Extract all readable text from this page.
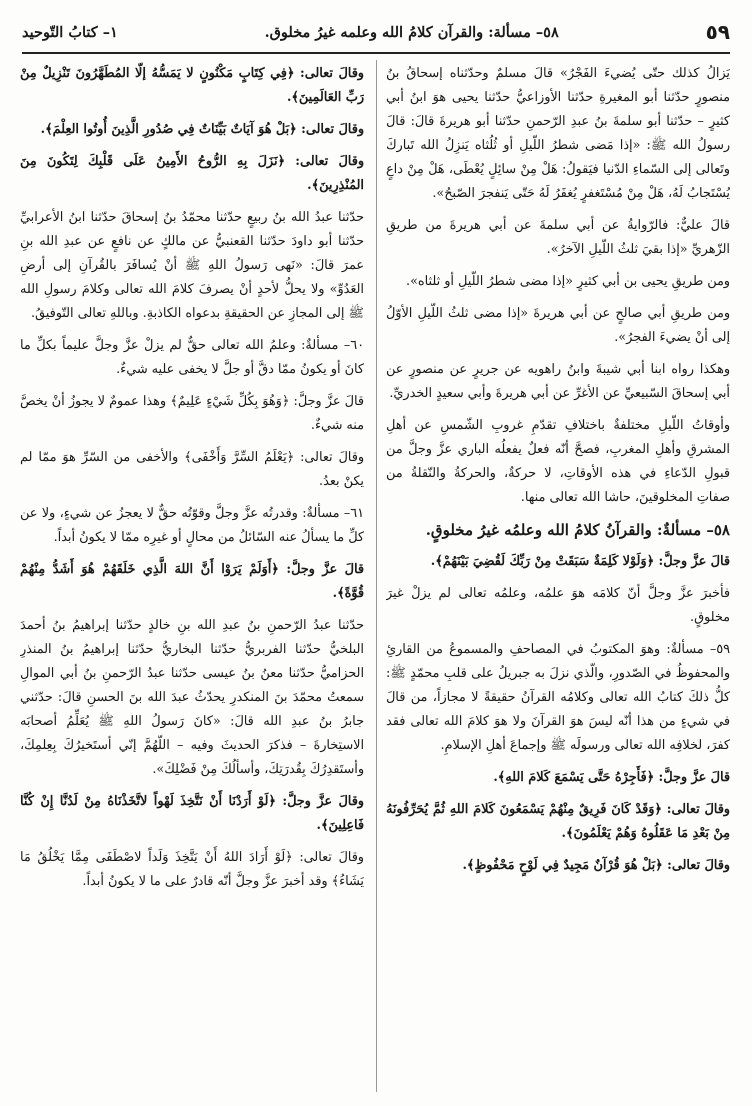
٥٩
٥٨– مسألة: والقرآن كلامُ الله وعلمه غيرُ مخلوق.
١– كتابُ التّوحيد

يَزالُ كذلك حتّى يُضيءَ الفَجْرُ» قالَ مسلمٌ وحدّثناه إسحاقُ بنُ منصورٍ حدّثنا أبو المغيرةِ حدّثنا الأوزاعيُّ حدّثنا يحيى هوَ ابنُ أبي كثيرٍ – حدّثنا أبو سلمةَ بنُ عبدِ الرّحمنِ حدّثنا أبو هريرةَ قالَ: قالَ رسولُ الله ﷺ: «إذا مَضى شطرُ اللّيلِ أو ثُلُثاه يَنزِلُ الله تَباركَ وتَعالى إلى السّماءِ الدّنيا فيَقولُ: هَلْ مِنْ سائِلٍ يُعْطَى، هَلْ مِنْ داعٍ يُسْتَجابُ لَهُ، هَلْ مِنْ مُسْتَغفرٍ يُغفَرُ لَهُ حَتّى يَنفجرَ الصّبحُ».

قالَ عليٌّ: فالرّوايةُ عن أبي سلمةَ عن أبي هريرةَ من طريقِ الزّهريِّ «إذا بقيَ ثلثُ اللّيلِ الآخرُ».

ومن طريقِ يحيى بن أبي كثيرٍ «إذا مضى شطرُ اللّيلِ أو ثلثاه».

ومن طريقِ أبي صالحٍ عن أبي هريرةَ «إذا مضى ثلثُ اللّيلِ الأوّلُ إلى أنْ يضيءَ الفجرُ».

وهكذا رواه ابنا أبي شيبةَ وابنُ راهويه عن جريرٍ عن منصورٍ عن أبي إسحاقَ السّبيعيِّ عن الأغرِّ عن أبي هريرةَ وأبي سعيدٍ الخدريِّ.

وأوقاتُ اللّيلِ مختلفةٌ باختلافِ تقدّمِ غروبِ الشّمسِ عن أهلِ المشرقِ وأهلِ المغربِ، فصحَّ أنّه فعلٌ يفعلُه الباري عزَّ وجلَّ من قبولِ الدّعاءِ في هذه الأوقاتِ، لا حركةٌ، والحركةُ والنّقلةُ من صفاتِ المخلوقينَ، حاشا الله تعالى منها.

٥٨– مسألةٌ: والقرآنُ كلامُ الله وعلمُه غيرُ مخلوقٍ.

قالَ عزَّ وجلَّ: ﴿وَلَوْلا كَلِمَةٌ سَبَقَتْ مِنْ رَبِّكَ لَقُضِيَ بَيْنَهُمْ﴾.

فأخبرَ عزَّ وجلَّ أنّ كلامَه هوَ علمُه، وعلمُه تعالى لم يزلْ غيرَ مخلوقٍ.

٥٩– مسألةٌ: وهوَ المكتوبُ في المصاحفِ والمسموعُ من القارئِ والمحفوظُ في الصّدورِ، والّذي نزلَ به جبريلُ على قلبِ محمّدٍ ﷺ: كلُّ ذلكَ كتابُ الله تعالى وكلامُه القرآنُ حقيقةً لا مجازاً، من قالَ في شيءٍ من هذا أنّه ليسَ هوَ القرآنَ ولا هوَ كلامَ الله تعالى فقد كفرَ، لخلافِه الله تعالى ورسولَه ﷺ وإجماعَ أهلِ الإسلامِ.

قالَ عزَّ وجلَّ: ﴿فَأَجِرْهُ حَتَّى يَسْمَعَ كَلامَ اللهِ﴾.

وقالَ تعالى: ﴿وَقَدْ كَانَ فَرِيقٌ مِنْهُمْ يَسْمَعُونَ كَلامَ اللهِ ثُمَّ يُحَرِّفُونَهُ مِنْ بَعْدِ مَا عَقَلُوهُ وَهُمْ يَعْلَمُونَ﴾.

وقالَ تعالى: ﴿بَلْ هُوَ قُرْآنٌ مَجِيدٌ فِي لَوْحٍ مَحْفُوظٍ﴾.

وقالَ تعالى: ﴿فِي كِتَابٍ مَكْنُونٍ لا يَمَسُّهُ إلّا المُطَهَّرُونَ تَنْزِيلٌ مِنْ رَبِّ العَالَمِينَ﴾.

وقالَ تعالى: ﴿بَلْ هُوَ آيَاتٌ بَيِّنَاتٌ فِي صُدُورِ الَّذِينَ أُوتُوا العِلْمَ﴾.

وقالَ تعالى: ﴿نَزَلَ بِهِ الرُّوحُ الأَمِينُ عَلَى قَلْبِكَ لِتَكُونَ مِنَ المُنْذِرِينَ﴾.

حدّثنا عبدُ الله بنُ ربيعٍ حدّثنا محمّدُ بنُ إسحاقَ حدّثنا ابنُ الأعرابيِّ حدّثنا أبو داودَ حدّثنا القعنبيُّ عن مالكٍ عن نافعٍ عن عبدِ الله بنِ عمرَ قالَ: «نَهى رَسولُ اللهِ ﷺ أنْ يُسافَرَ بالقُرآنِ إلى أرضِ العَدُوِّ» ولا يحلُّ لأحدٍ أنْ يصرفَ كلامَ الله تعالى وكلامَ رسولِ الله ﷺ إلى المجازِ عن الحقيقةِ بدعواه الكاذبةِ. وباللهِ تعالى التّوفيقُ.

٦٠– مسألةٌ: وعلمُ الله تعالى حقٌّ لم يزلْ عزَّ وجلَّ عليماً بكلِّ ما كانَ أو يكونُ ممّا دقَّ أو جلَّ لا يخفى عليه شيءٌ.

قالَ عزَّ وجلَّ: ﴿وَهُوَ بِكُلِّ شَيْءٍ عَلِيمٌ﴾ وهذا عمومٌ لا يجوزُ أنْ يخصَّ منه شيءٌ.

وقالَ تعالى: ﴿يَعْلَمُ السِّرَّ وَأَخْفَى﴾ والأخفى من السّرِّ هوَ ممّا لم يكنْ بعدُ.

٦١– مسألةٌ: وقدرتُه عزَّ وجلَّ وقوّتُه حقٌّ لا يعجزُ عن شيءٍ، ولا عن كلِّ ما يسألُ عنه السّائلُ من محالٍ أو غيرِه ممّا لا يكونُ أبداً.

قالَ عزَّ وجلَّ: ﴿أَوَلَمْ يَرَوْا أَنَّ اللهَ الَّذِي خَلَقَهُمْ هُوَ أَشَدُّ مِنْهُمْ قُوَّةً﴾.

حدّثنا عبدُ الرّحمنِ بنُ عبدِ الله بنِ خالدٍ حدّثنا إبراهيمُ بنُ أحمدَ البلخيُّ حدّثنا الفربريُّ حدّثنا البخاريُّ حدّثنا إبراهيمُ بنُ المنذرِ الحزاميُّ حدّثنا معنُ بنُ عيسى حدّثنا عبدُ الرّحمنِ بنُ أبي الموالِ سمعتُ محمّدَ بنَ المنكدرِ يحدّثُ عبدَ الله بنَ الحسنِ قالَ: حدّثني جابرُ بنُ عبدِ الله قالَ: «كانَ رَسولُ اللهِ ﷺ يُعَلِّمُ أصحابَه الاستِخارةَ – فذكرَ الحديثَ وفيه – اللّهُمَّ إنّي أستَخيرُكَ بِعِلمِكَ، وأستَقدِرُكَ بِقُدرَتِكَ، وأسألُكَ مِنْ فَضْلِكَ».

وقالَ عزَّ وجلَّ: ﴿لَوْ أَرَدْنَا أَنْ نَتَّخِذَ لَهْواً لاتَّخَذْنَاهُ مِنْ لَدُنَّا إِنْ كُنَّا فَاعِلِينَ﴾.

وقالَ تعالى: ﴿لَوْ أَرَادَ اللهُ أَنْ يَتَّخِذَ وَلَداً لاصْطَفَى مِمَّا يَخْلُقُ مَا يَشَاءُ﴾ وقد أخبرَ عزَّ وجلَّ أنّه قادرٌ على ما لا يكونُ أبداً.
